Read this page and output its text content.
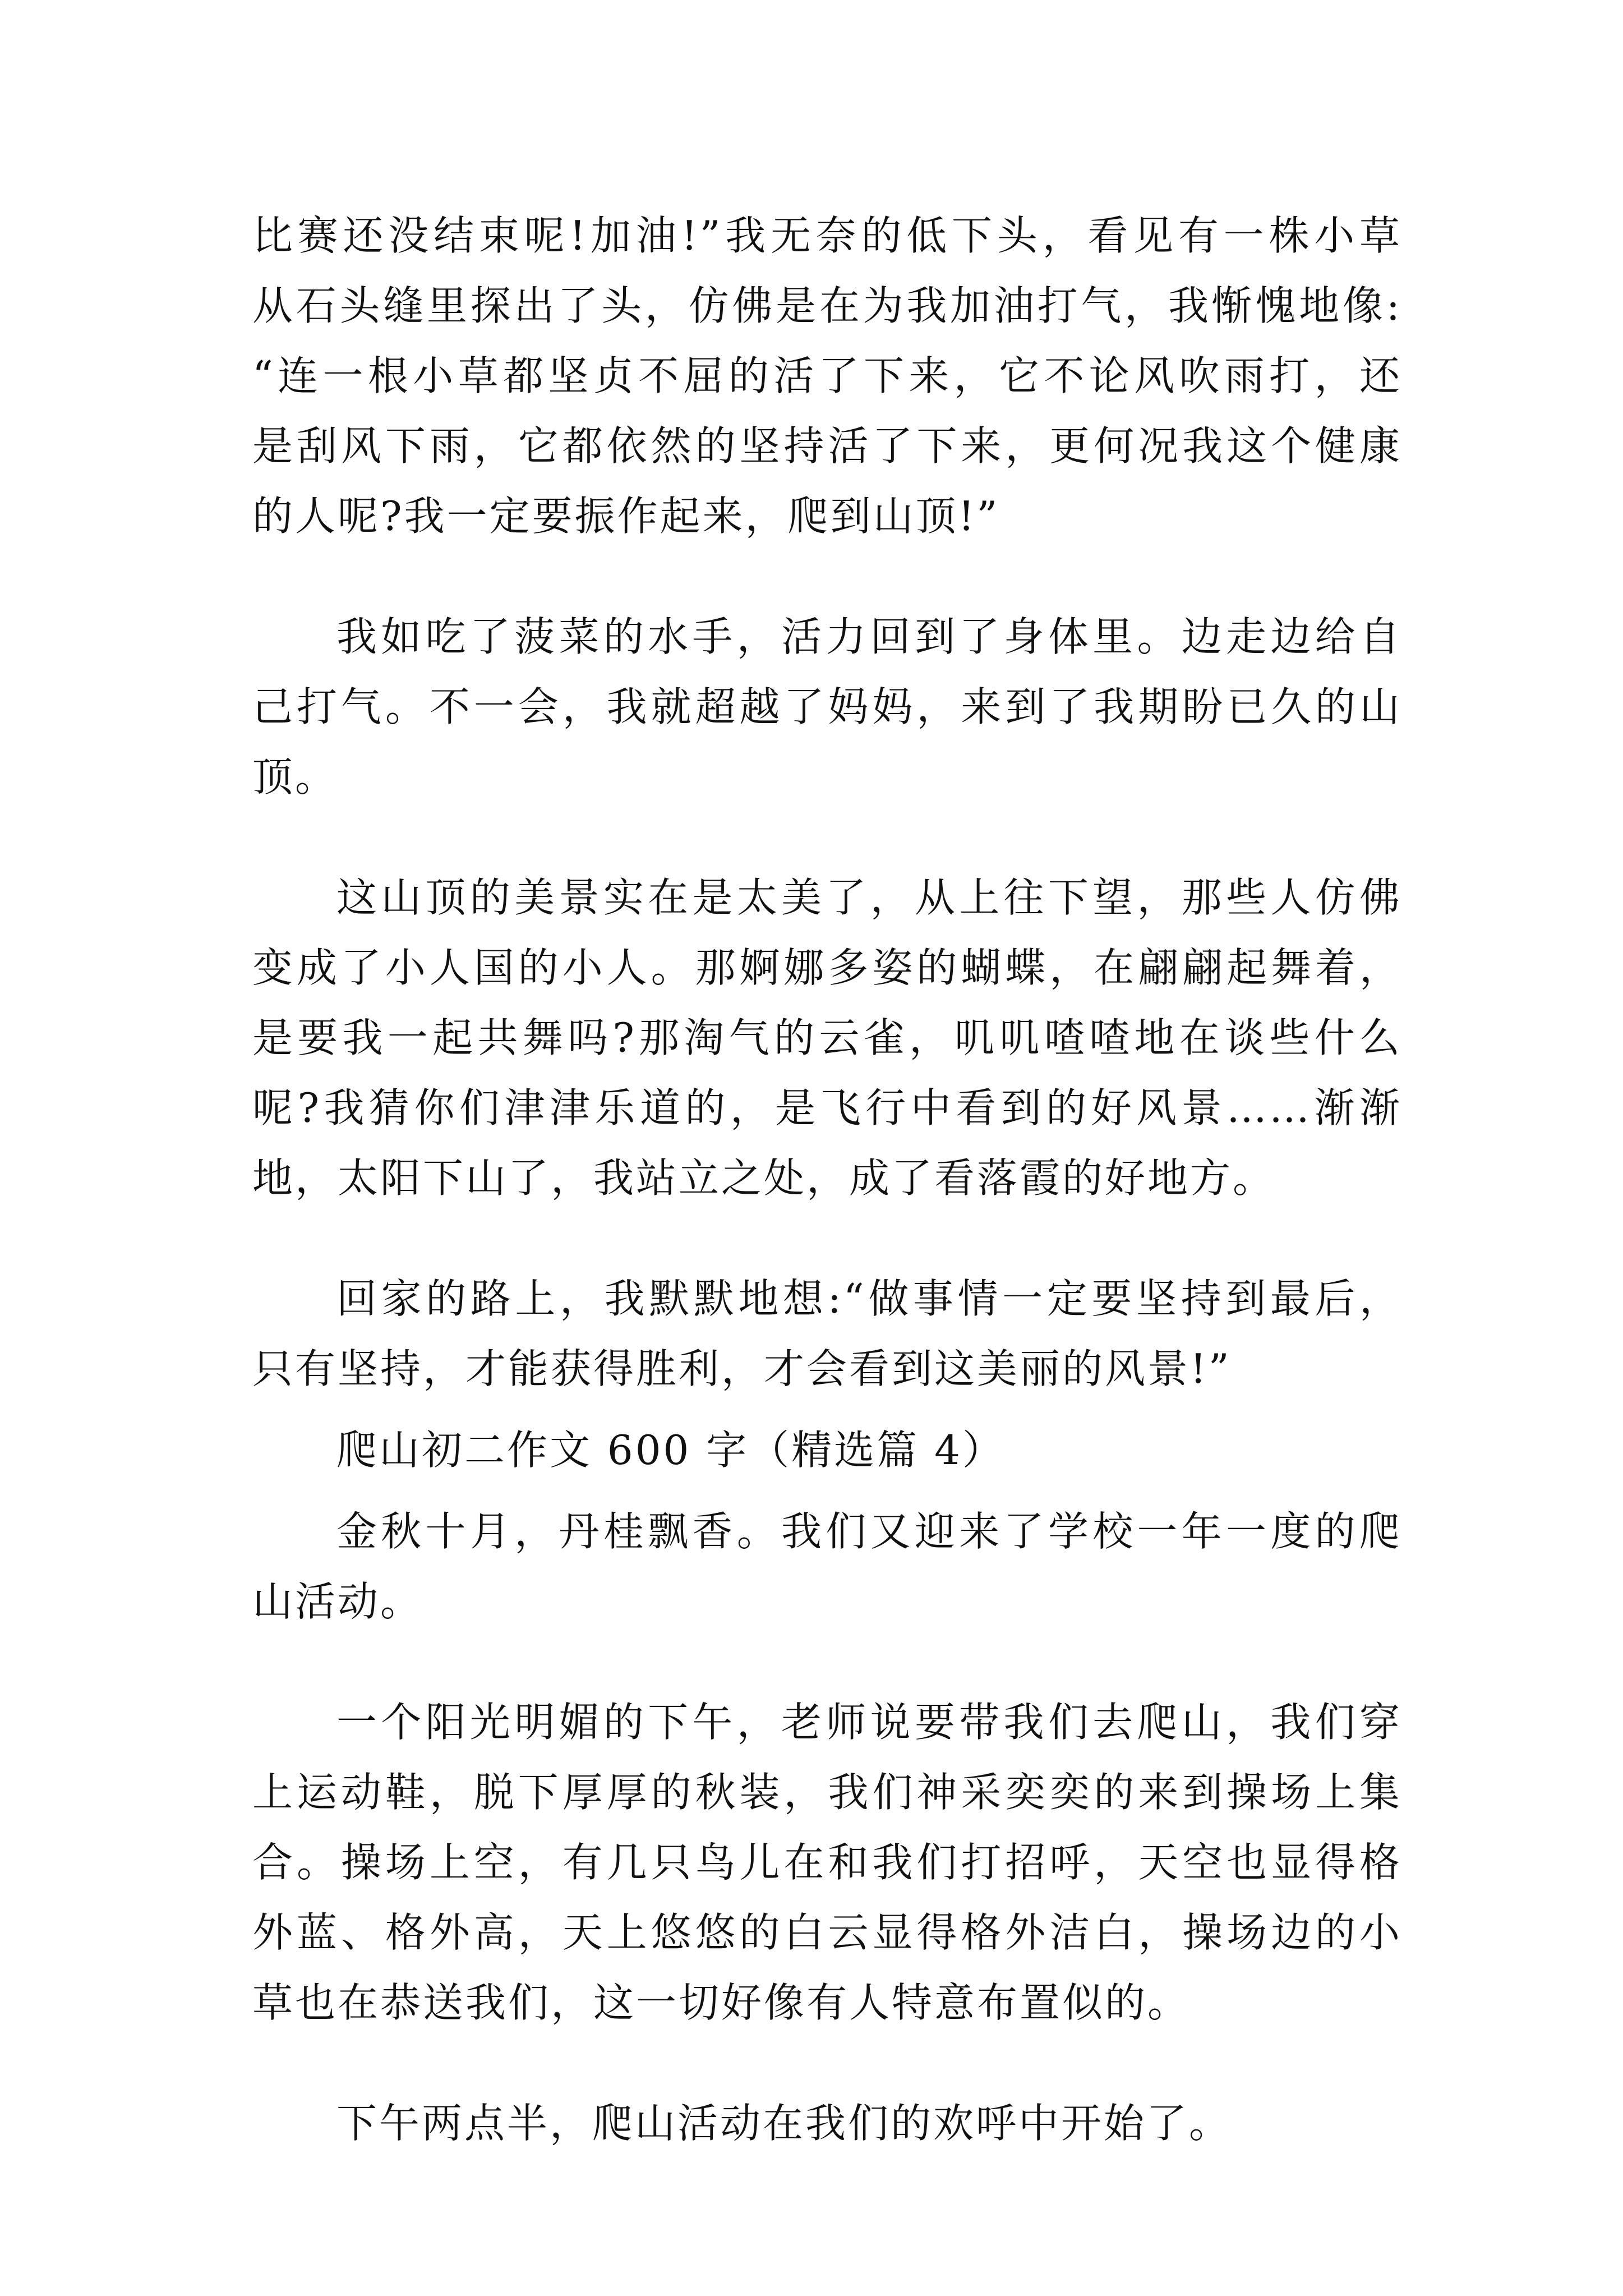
比赛还没结束呢!加油!”我无奈的低下头，看见有一株小草
从石头缝里探出了头，仿佛是在为我加油打气，我惭愧地像:
“连一根小草都坚贞不屈的活了下来，它不论风吹雨打，还
是刮风下雨，它都依然的坚持活了下来，更何况我这个健康
的人呢?我一定要振作起来，爬到山顶!”
我如吃了菠菜的水手，活力回到了身体里。边走边给自
己打气。不一会，我就超越了妈妈，来到了我期盼已久的山
顶。
这山顶的美景实在是太美了，从上往下望，那些人仿佛
变成了小人国的小人。那婀娜多姿的蝴蝶，在翩翩起舞着，
是要我一起共舞吗?那淘气的云雀，叽叽喳喳地在谈些什么
呢?我猜你们津津乐道的，是飞行中看到的好风景……渐渐
地，太阳下山了，我站立之处，成了看落霞的好地方。
回家的路上，我默默地想:“做事情一定要坚持到最后，
只有坚持，才能获得胜利，才会看到这美丽的风景!”
爬山初二作文 600 字（精选篇 4）
金秋十月，丹桂飘香。我们又迎来了学校一年一度的爬
山活动。
一个阳光明媚的下午，老师说要带我们去爬山，我们穿
上运动鞋，脱下厚厚的秋装，我们神采奕奕的来到操场上集
合。操场上空，有几只鸟儿在和我们打招呼，天空也显得格
外蓝、格外高，天上悠悠的白云显得格外洁白，操场边的小
草也在恭送我们，这一切好像有人特意布置似的。
下午两点半，爬山活动在我们的欢呼中开始了。
